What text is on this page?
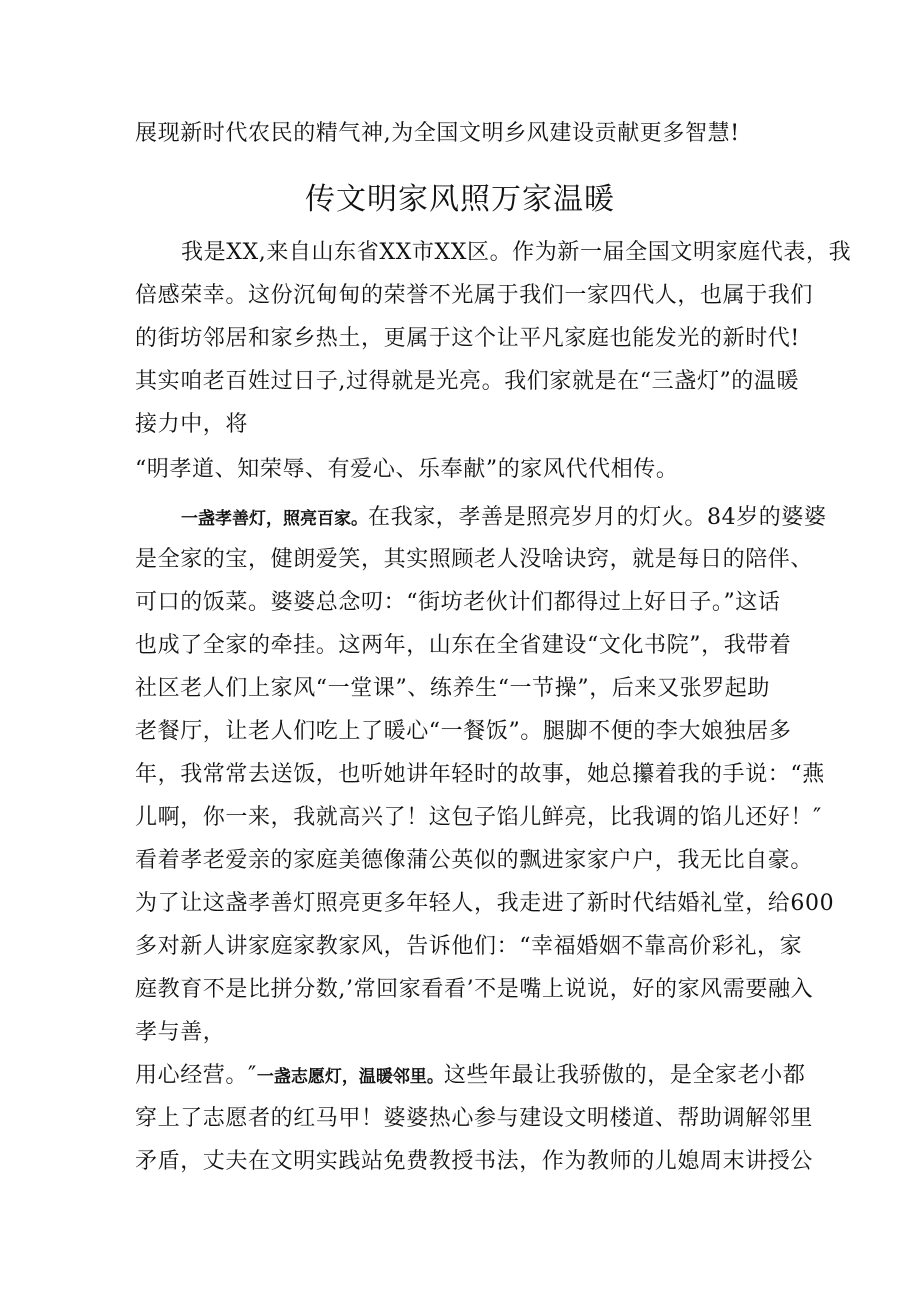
展现新时代农民的精气神,为全国文明乡风建设贡献更多智慧!
传文明家风照万家温暖
我是XX,来自山东省XX市XX区。作为新一届全国文明家庭代表，我
倍感荣幸。这份沉甸甸的荣誉不光属于我们一家四代人，也属于我们
的街坊邻居和家乡热土，更属于这个让平凡家庭也能发光的新时代!
其实咱老百姓过日子,过得就是光亮。我们家就是在“三盏灯”的温暖
接力中，将
“明孝道、知荣辱、有爱心、乐奉献”的家风代代相传。
一盏孝善灯，照亮百家。在我家，孝善是照亮岁月的灯火。84岁的婆婆
是全家的宝，健朗爱笑，其实照顾老人没啥诀窍，就是每日的陪伴、
可口的饭菜。婆婆总念叨：“街坊老伙计们都得过上好日子。”这话
也成了全家的牵挂。这两年，山东在全省建设“文化书院”，我带着
社区老人们上家风“一堂课”、练养生“一节操”，后来又张罗起助
老餐厅，让老人们吃上了暖心“一餐饭”。腿脚不便的李大娘独居多
年，我常常去送饭，也听她讲年轻时的故事，她总攥着我的手说：“燕
儿啊，你一来，我就高兴了！这包子馅儿鲜亮，比我调的馅儿还好！″
看着孝老爱亲的家庭美德像蒲公英似的飘进家家户户，我无比自豪。
为了让这盏孝善灯照亮更多年轻人，我走进了新时代结婚礼堂，给600
多对新人讲家庭家教家风，告诉他们：“幸福婚姻不靠高价彩礼，家
庭教育不是比拼分数,’常回家看看’不是嘴上说说，好的家风需要融入
孝与善，
用心经营。″一盏志愿灯，温暖邻里。这些年最让我骄傲的，是全家老小都
穿上了志愿者的红马甲！婆婆热心参与建设文明楼道、帮助调解邻里
矛盾，丈夫在文明实践站免费教授书法，作为教师的儿媳周末讲授公
